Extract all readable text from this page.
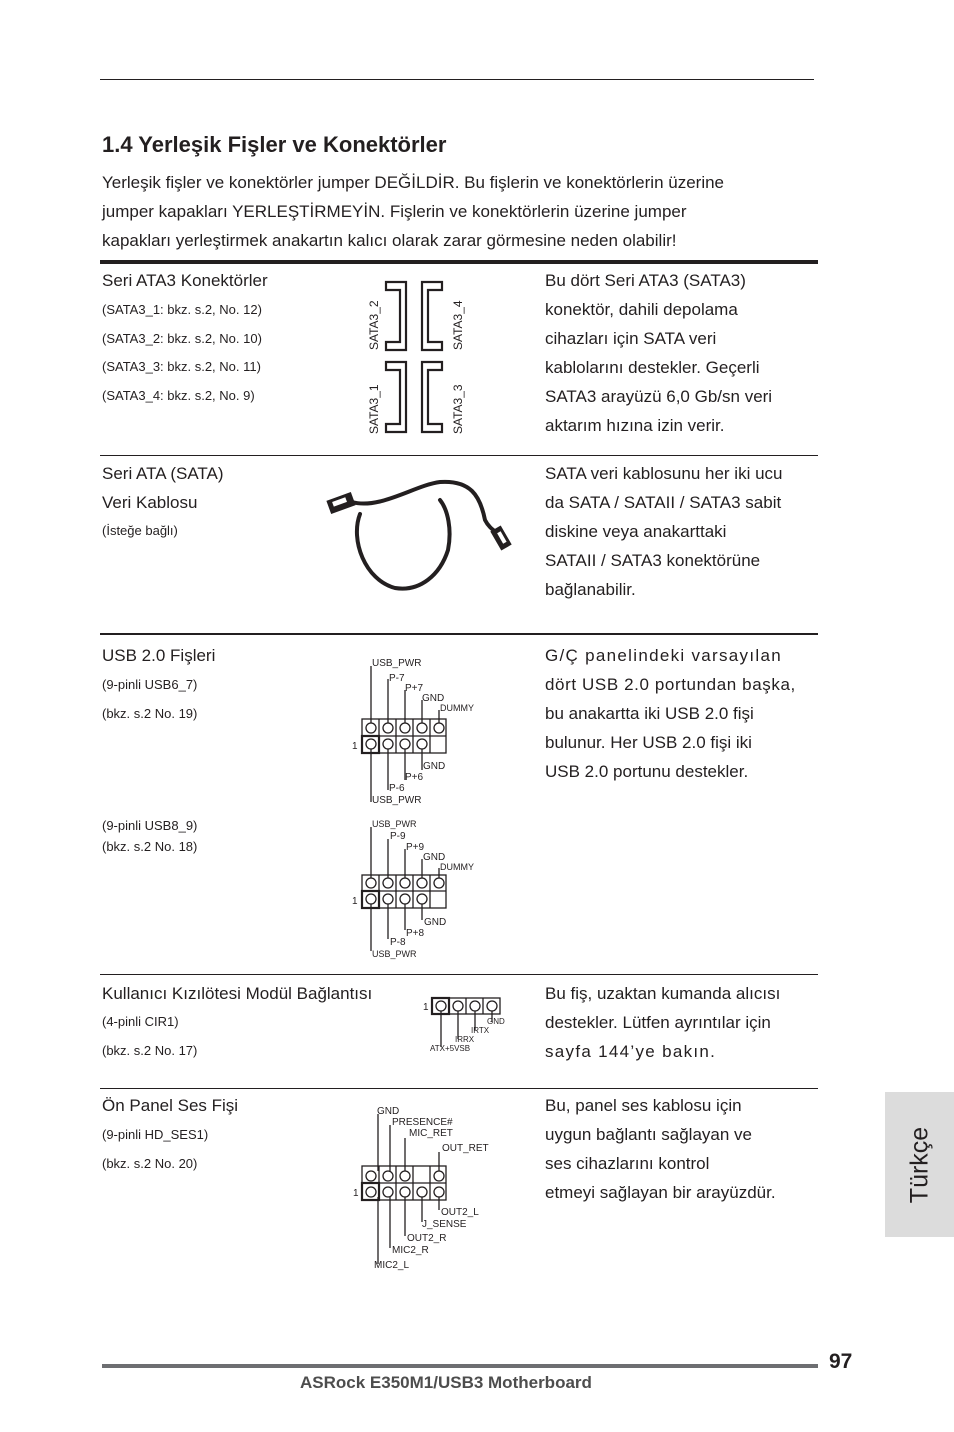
1.4 Yerleşik Fişler ve Konektörler
Yerleşik fişler ve konektörler jumper DEĞİLDİR. Bu fişlerin ve konektörlerin üzerine
jumper kapakları YERLEŞTİRMEYİN. Fişlerin ve konektörlerin üzerine jumper
kapakları yerleştirmek anakartın kalıcı olarak zarar görmesine neden olabilir!
Seri ATA3 Konektörler
(SATA3_1: bkz. s.2, No. 12)
(SATA3_2: bkz. s.2, No. 10)
(SATA3_3: bkz. s.2, No. 11)
(SATA3_4: bkz. s.2, No. 9)
SATA3_2	SATA3_4
SATA3_1	SATA3_3
Bu dört Seri ATA3 (SATA3)
konektör, dahili depolama
cihazları için SATA veri
kablolarını destekler. Geçerli
SATA3 arayüzü 6,0 Gb/sn veri
aktarım hızına izin verir.
Seri ATA (SATA)
Veri Kablosu
(İsteğe bağlı)
SATA veri kablosunu her iki ucu
da SATA / SATAII / SATA3 sabit
diskine veya anakarttaki
SATAII / SATA3 konektörüne
bağlanabilir.
USB 2.0 Fişleri
(9-pinli USB6_7)
(bkz. s.2 No. 19)
(9-pinli USB8_9)
(bkz. s.2 No. 18)
1
USB_PWR
P-7
P+7
GND
DUMMY
GND
P+6
P-6
USB_PWR
1
USB_PWR
P-9
P+9
GND
DUMMY
GND
P+8
P-8
USB_PWR
G/Ç panelindeki varsayılan
dört USB 2.0 portundan başka,
bu anakartta iki USB 2.0 fişi
bulunur. Her USB 2.0 fişi iki
USB 2.0 portunu destekler.
Kullanıcı Kızılötesi Modül Bağlantısı
(4-pinli CIR1)
(bkz. s.2 No. 17)
1
GND
IRTX
IRRX
ATX+5VSB
Bu fiş, uzaktan kumanda alıcısı
destekler. Lütfen ayrıntılar için
sayfa 144’ye bakın.
Ön Panel Ses Fişi
(9-pinli HD_SES1)
(bkz. s.2 No. 20)
1
GND
PRESENCE#
MIC_RET
OUT_RET
OUT2_L
J_SENSE
OUT2_R
MIC2_R
MIC2_L
Bu, panel ses kablosu için
uygun bağlantı sağlayan ve
ses cihazlarını kontrol
etmeyi sağlayan bir arayüzdür.	Türkçe
97
ASRock E350M1/USB3 Motherboard
